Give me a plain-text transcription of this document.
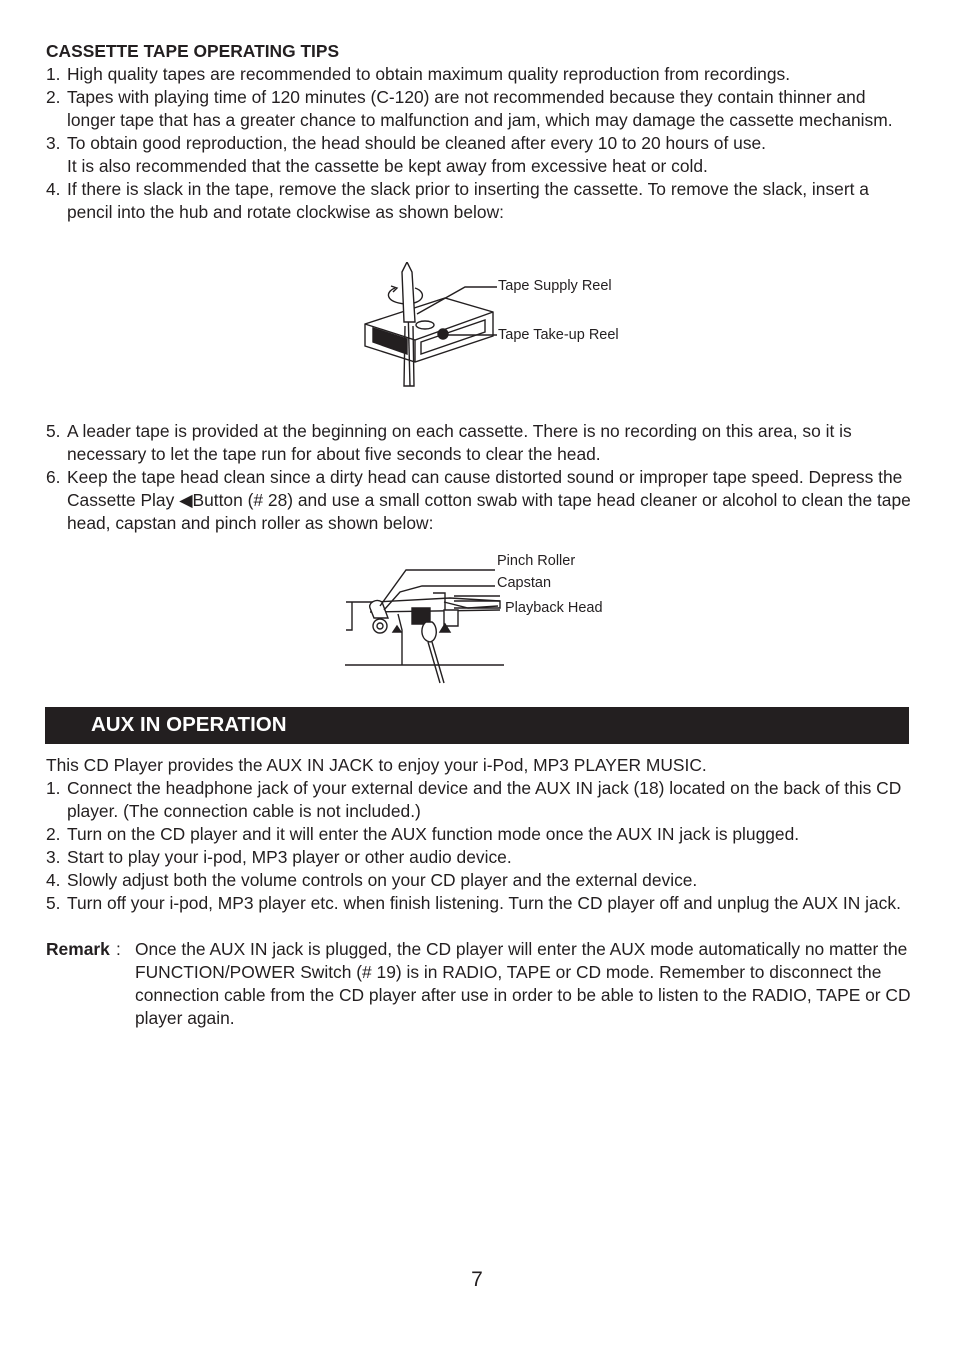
CASSETTE TAPE OPERATING TIPS
1. High quality tapes are recommended to obtain maximum quality reproduction from recordings.
2. Tapes with playing time of 120 minutes (C-120) are not recommended because they contain thinner and longer tape that has a greater chance to malfunction and jam, which may damage the cassette mechanism.
3. To obtain good reproduction, the head should be cleaned after every 10 to 20 hours of use.
It is also recommended that the cassette be kept away from excessive heat or cold.
4. If there is slack in the tape, remove the slack prior to inserting the cassette. To remove the slack, insert a pencil into the hub and rotate clockwise as shown below:
Tape Supply Reel
Tape Take-up Reel
5. A leader tape is provided at the beginning on each cassette. There is no recording on this area, so it is necessary to let the tape run for about five seconds to clear the head.
6. Keep the tape head clean since a dirty head can cause distorted sound or improper tape speed. Depress the Cassette Play ◀Button (# 28) and use a small cotton swab with tape head cleaner or alcohol to clean the tape head, capstan and pinch roller as shown below:
Pinch Roller
Capstan
Playback Head
AUX IN OPERATION
This CD Player provides the AUX IN JACK to enjoy your i-Pod, MP3 PLAYER MUSIC.
1. Connect the headphone jack of your external device and the AUX IN jack (18) located on the back of this CD player. (The connection cable is not included.)
2. Turn on the CD player and it will enter the AUX function mode once the AUX IN jack is plugged.
3. Start to play your i-pod, MP3 player or other audio device.
4. Slowly adjust both the volume controls on your CD player and the external device.
5. Turn off your i-pod, MP3 player etc. when finish listening. Turn the CD player off and unplug the AUX IN jack.
Remark : Once the AUX IN jack is plugged, the CD player will enter the AUX mode automatically no matter the FUNCTION/POWER Switch (# 19) is in RADIO, TAPE or CD mode. Remember to disconnect the connection cable from the CD player after use in order to be able to listen to the RADIO, TAPE or CD player again.
7
